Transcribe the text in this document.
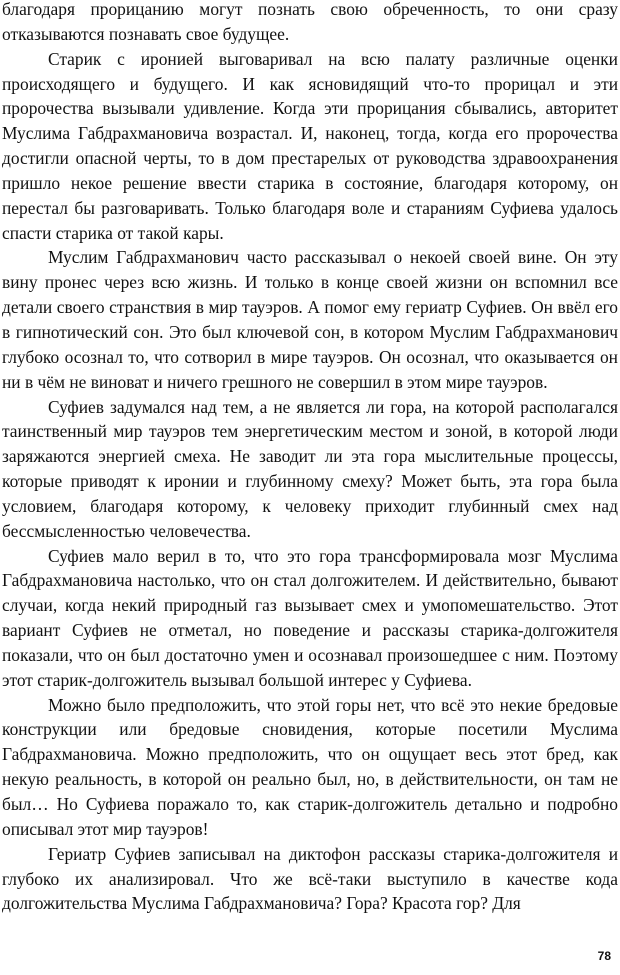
благодаря прорицанию могут познать свою обреченность, то они сразу отказываются познавать свое будущее.

Старик с иронией выговаривал на всю палату различные оценки происходящего и будущего. И как ясновидящий что-то прорицал и эти пророчества вызывали удивление. Когда эти прорицания сбывались, авторитет Муслима Габдрахмановича возрастал. И, наконец, тогда, когда его пророчества достигли опасной черты, то в дом престарелых от руководства здравоохранения пришло некое решение ввести старика в состояние, благодаря которому, он перестал бы разговаривать. Только благодаря воле и стараниям Суфиева удалось спасти старика от такой кары.

Муслим Габдрахманович часто рассказывал о некоей своей вине. Он эту вину пронес через всю жизнь. И только в конце своей жизни он вспомнил все детали своего странствия в мир тауэров. А помог ему гериатр Суфиев. Он ввёл его в гипнотический сон. Это был ключевой сон, в котором Муслим Габдрахманович глубоко осознал то, что сотворил в мире тауэров. Он осознал, что оказывается он ни в чём не виноват и ничего грешного не совершил в этом мире тауэров.

Суфиев задумался над тем, а не является ли гора, на которой располагался таинственный мир тауэров тем энергетическим местом и зоной, в которой люди заряжаются энергией смеха. Не заводит ли эта гора мыслительные процессы, которые приводят к иронии и глубинному смеху? Может быть, эта гора была условием, благодаря которому, к человеку приходит глубинный смех над бессмысленностью человечества.

Суфиев мало верил в то, что это гора трансформировала мозг Муслима Габдрахмановича настолько, что он стал долгожителем. И действительно, бывают случаи, когда некий природный газ вызывает смех и умопомешательство. Этот вариант Суфиев не отметал, но поведение и рассказы старика-долгожителя показали, что он был достаточно умен и осознавал произошедшее с ним. Поэтому этот старик-долгожитель вызывал большой интерес у Суфиева.

Можно было предположить, что этой горы нет, что всё это некие бредовые конструкции или бредовые сновидения, которые посетили Муслима Габдрахмановича. Можно предположить, что он ощущает весь этот бред, как некую реальность, в которой он реально был, но, в действительности, он там не был… Но Суфиева поражало то, как старик-долгожитель детально и подробно описывал этот мир тауэров!

Гериатр Суфиев записывал на диктофон рассказы старика-долгожителя и глубоко их анализировал. Что же всё-таки выступило в качестве кода долгожительства Муслима Габдрахмановича? Гора? Красота гор? Для

78
